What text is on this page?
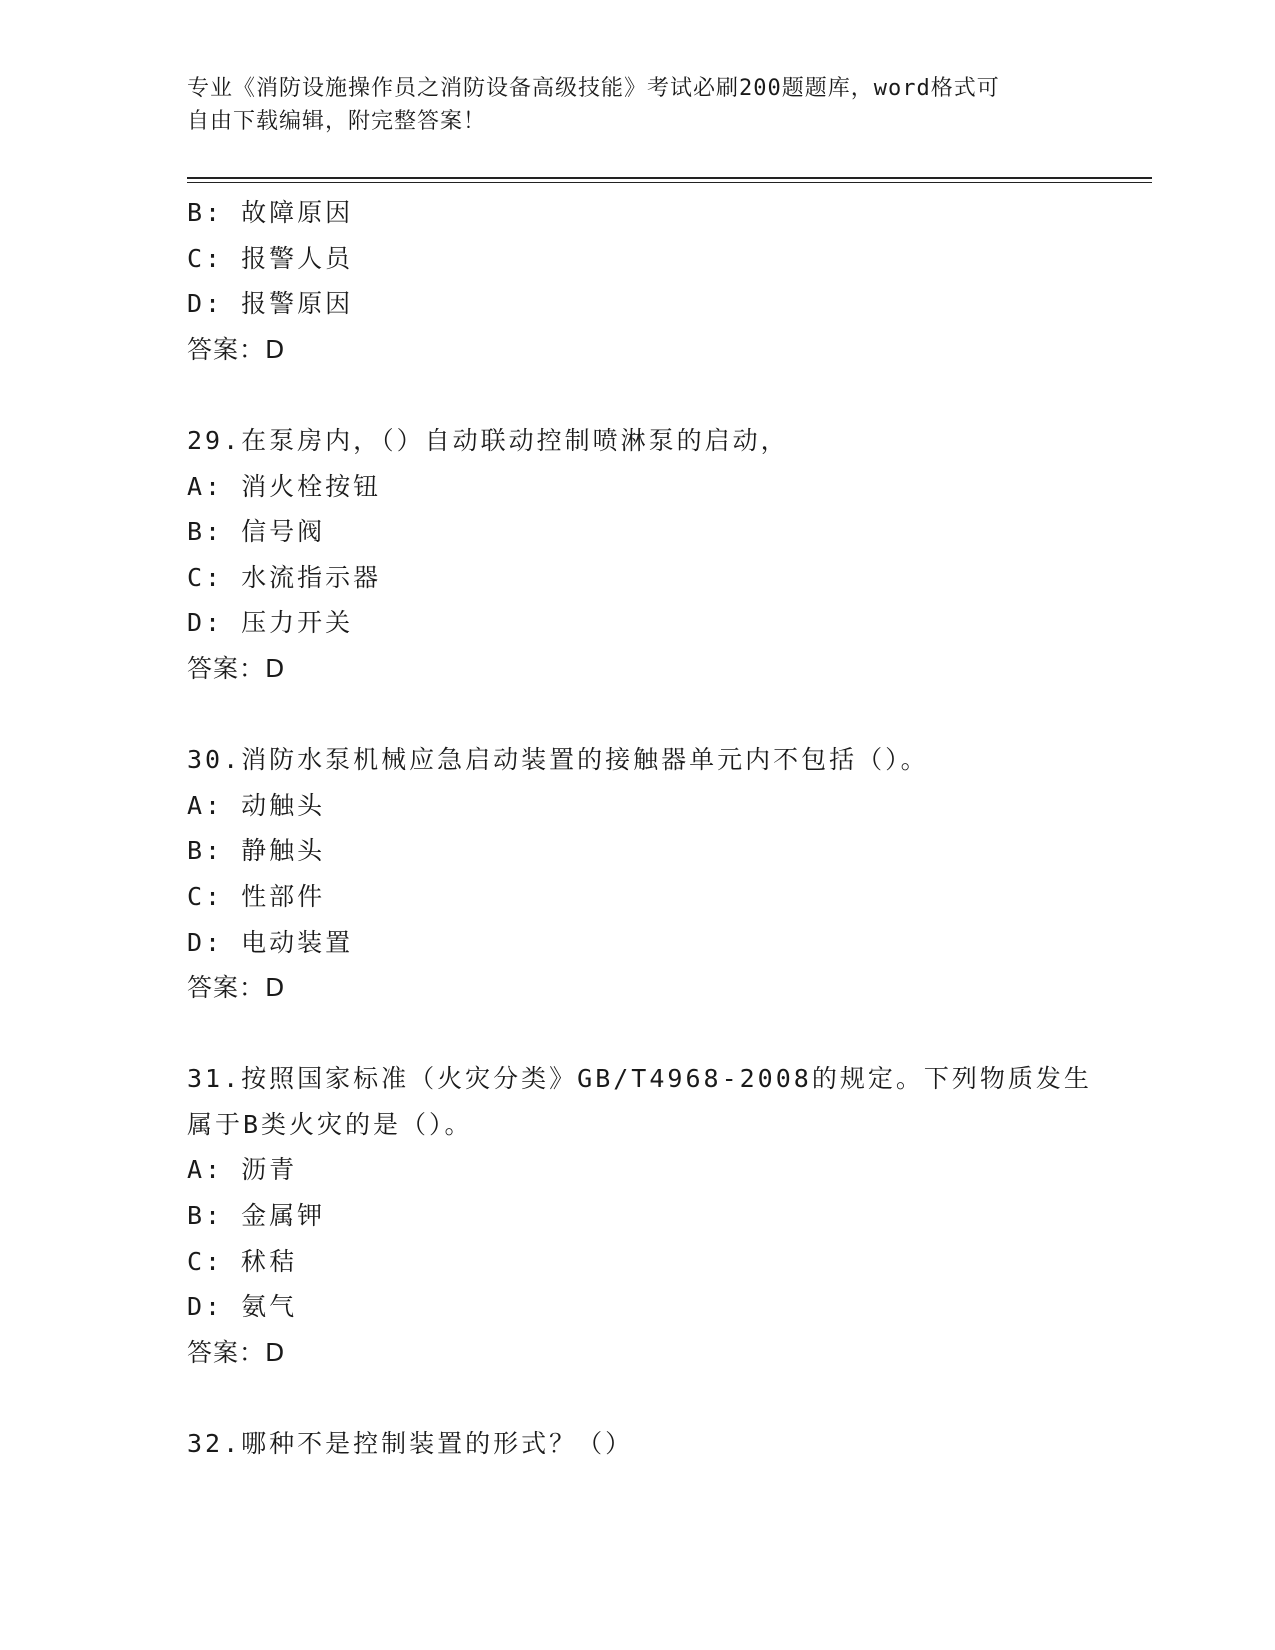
专业《消防设施操作员之消防设备高级技能》考试必刷200题题库，word格式可
自由下载编辑，附完整答案！
B: 故障原因
C: 报警人员
D: 报警原因
答案：D
29.在泵房内，（）自动联动控制喷淋泵的启动，
A: 消火栓按钮
B: 信号阀
C: 水流指示器
D: 压力开关
答案：D
30.消防水泵机械应急启动装置的接触器单元内不包括（）。
A: 动触头
B: 静触头
C: 性部件
D: 电动装置
答案：D
31.按照国家标准（火灾分类》GB/T4968-2008的规定。下列物质发生
属于B类火灾的是（）。
A: 沥青
B: 金属钾
C: 秫秸
D: 氨气
答案：D
32.哪种不是控制装置的形式？（）
